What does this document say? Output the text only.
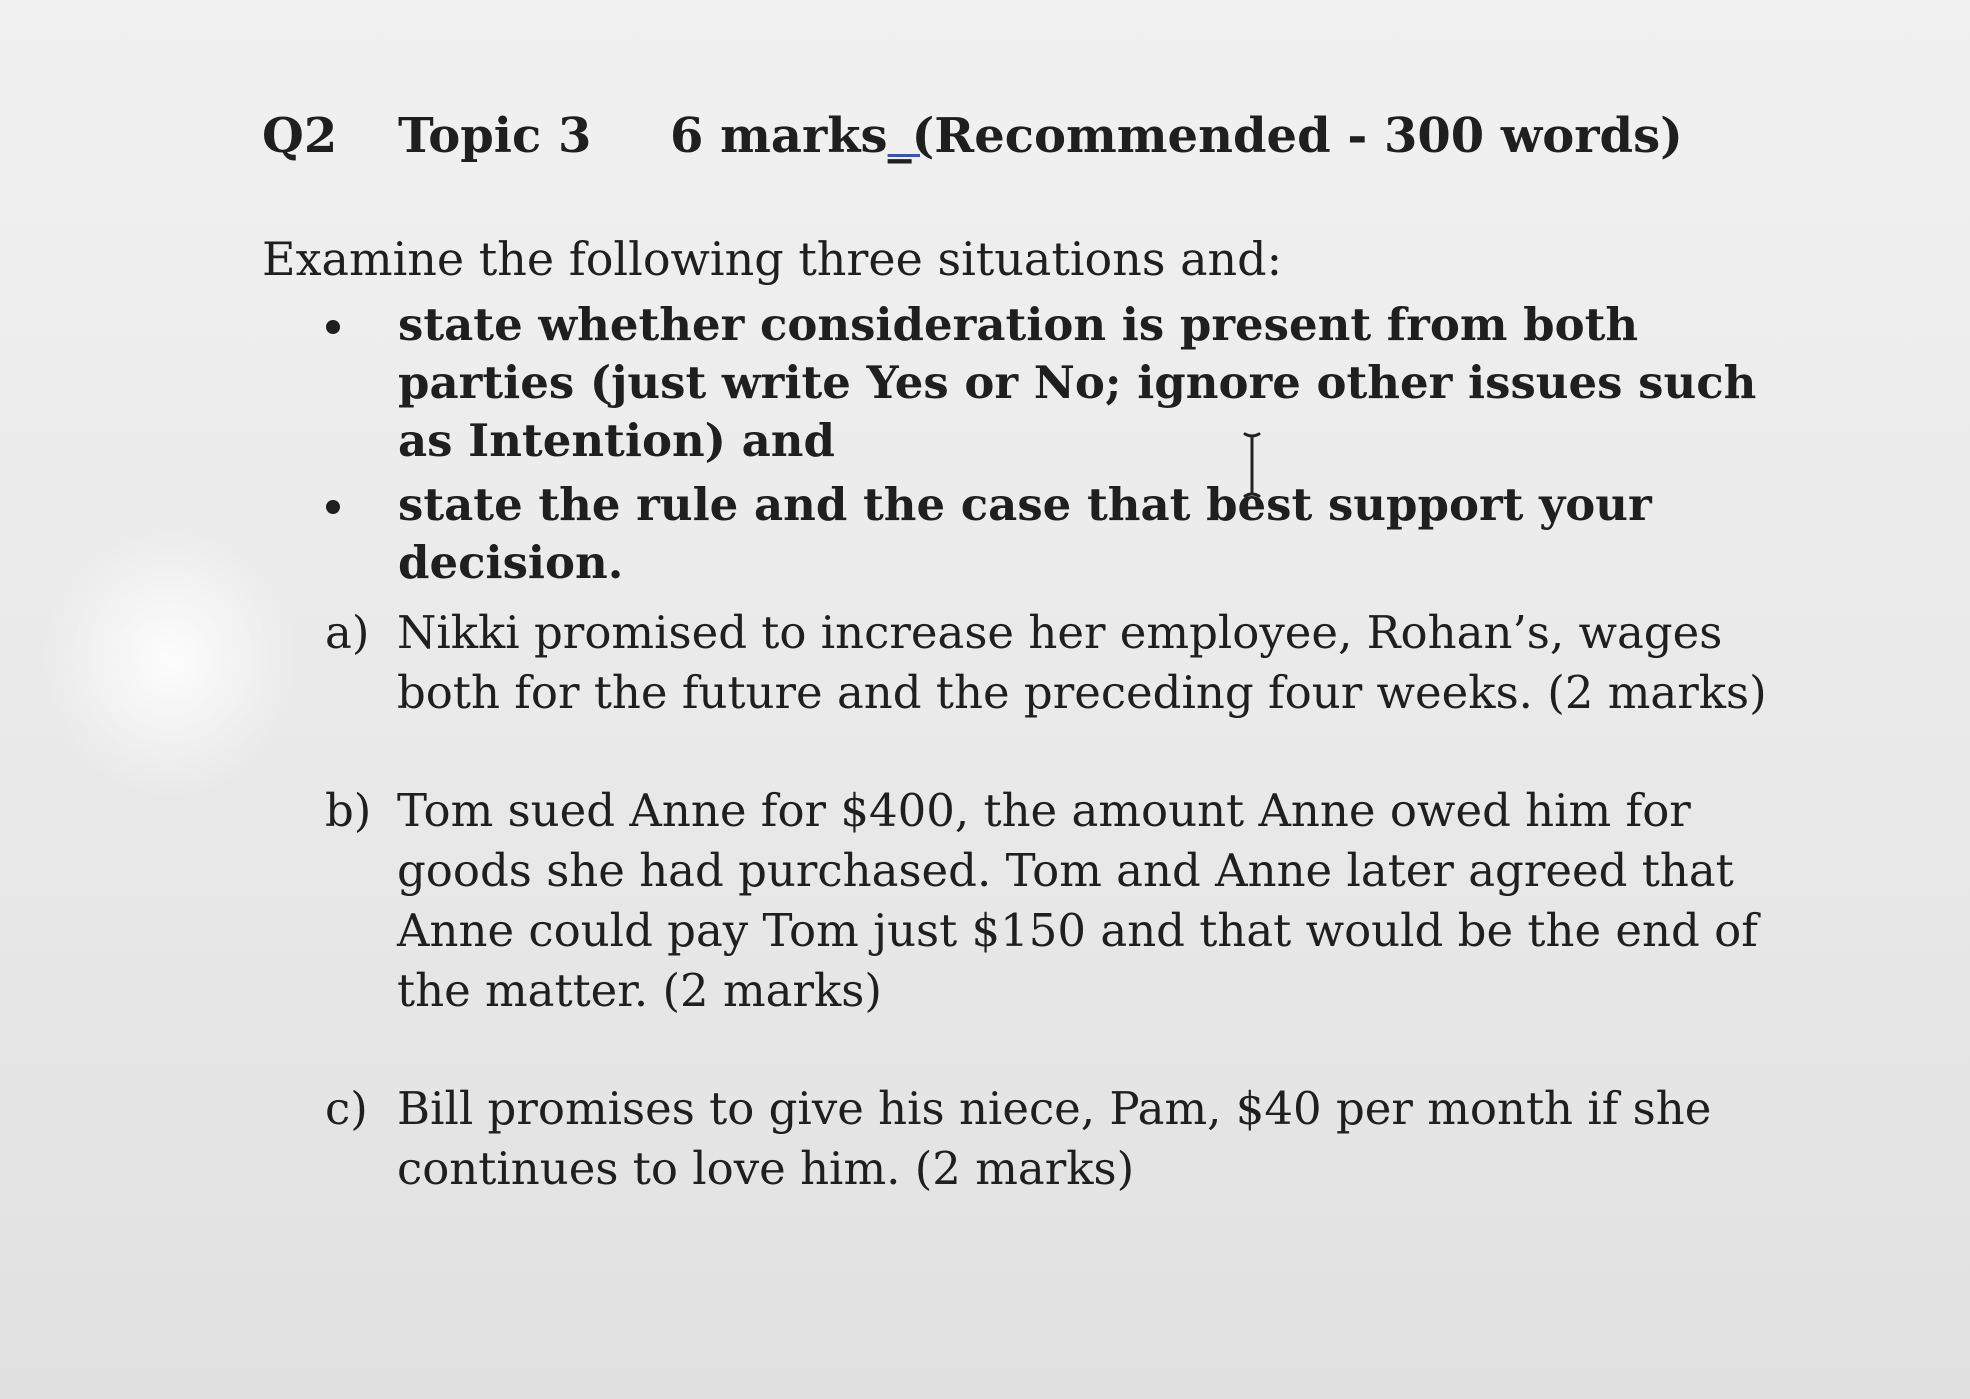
Q2 Topic 3 6 marks_(Recommended - 300 words)
Examine the following three situations and:
state whether consideration is present from both parties (just write Yes or No; ignore other issues such as Intention) and
state the rule and the case that best support your decision.
a) Nikki promised to increase her employee, Rohan’s, wages both for the future and the preceding four weeks. (2 marks)
b) Tom sued Anne for $400, the amount Anne owed him for goods she had purchased. Tom and Anne later agreed that Anne could pay Tom just $150 and that would be the end of the matter. (2 marks)
c) Bill promises to give his niece, Pam, $40 per month if she continues to love him. (2 marks)
